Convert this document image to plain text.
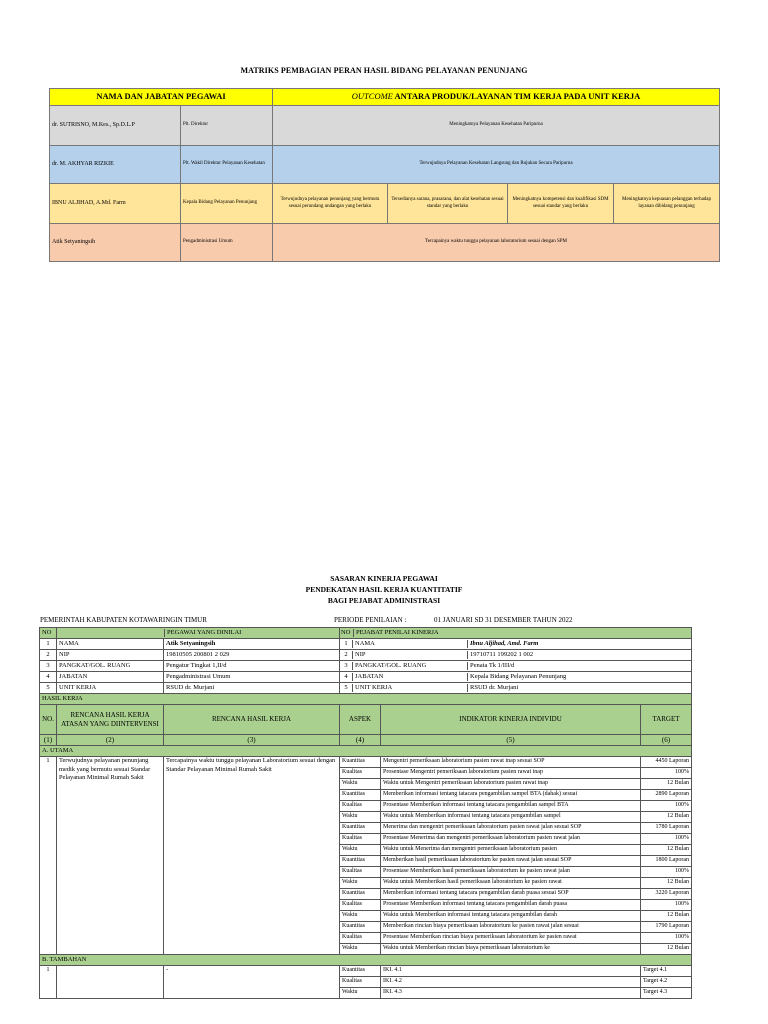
MATRIKS PEMBAGIAN PERAN HASIL BIDANG PELAYANAN PENUNJANG
NAMA DAN JABATAN PEGAWAI		OUTCOME ANTARA PRODUK/LAYANAN TIM KERJA PADA UNIT KERJA			
dr. SUTRISNO, M.Kes., Sp.D.L.P	Plt. Direktur	Meningkatnya Pelayanan Kesehatan Paripurna			
dr. M. AKHYAR RIZKIE	Plt. Wakil Direktur Pelayanan Kesehatan	Terwujudnya Pelayanan Kesehatan Langsung dan Rujukan Secara Paripurna			
IBNU ALJIHAD, A.Md. Farm	Kepala Bidang Pelayanan Penunjang	Terwujudnya pelayanan penunjang yang bermutu sesuai perundang undangan yang berlaku	Tersedianya sarana, prasarana, dan alat kesehatan sesuai standar yang berlaku	Meningkatnya kompetensi dan kualifikasi SDM sesuai standar yang berlaku	Meningkatnya kepuasan pelanggan terhadap layanan dibidang penunjang
Atik Setyaningsih	Pengadministrasi Umum	Tercapainya waktu tunggu pelayanan laboratorium sesuai dengan SPM			
SASARAN KINERJA PEGAWAI
PENDEKATAN HASIL KERJA KUANTITATIF
BAGI PEJABAT ADMINISTRASI
PEMERINTAH KABUPATEN KOTAWARINGIN TIMUR	PERIODE PENILAIAN :	01 JANUARI SD 31 DESEMBER TAHUN 2022
NO	PEGAWAI YANG DINILAI		NO PEJABAT PENILAI KINERJA		

1	NAMA	Atik Setyaningsih	1 NAMA Ibnu Aljihad, Amd. Farm		

2	NIP	19810505 200801 2 029	2 NIP 19710711 199202 1 002		

3	PANGKAT/GOL. RUANG	Pengatur Tingkat 1,II/d	3 PANGKAT/GOL. RUANG Penata Tk 1/III/d		

4	JABATAN	Pengadministrasi Umum	4 JABATAN Kepala Bidang Pelayanan Penunjang		

5	UNIT KERJA	RSUD dr. Murjani	5 UNIT KERJA RSUD dr. Murjani		

HASIL KERJA					
NO.	RENCANA HASIL KERJA ATASAN YANG DIINTERVENSI	RENCANA HASIL KERJA	ASPEK	INDIKATOR KINERJA INDIVIDU	TARGET
(1)	(2)	(3)	(4)	(5)	(6)
A. UTAMA					
1	Terwujudnya pelayanan penunjang medik yang bermutu sesuai Standar Pelayanan Minimal Rumah Sakit	Tercapainya waktu tunggu pelayanan Laboratorium sesuai dengan Standar Pelayanan Minimal Rumah Sakit	Kuantitas	Mengentri pemeriksaan laboratorium pasien rawat inap sesuai SOP	4450 Laporan
			Kualitas	Prosentase Mengentri pemeriksaan laboratorium pasien rawat inap	100%
			Waktu	Waktu untuk Mengentri pemeriksaan laboratorium pasien rawat inap	12 Bulan
			Kuantitas	Memberikan informasi tentang tatacara pengambilan sampel BTA (dahak) sesuai	2890 Laporan
			Kualitas	Prosentase Memberikan informasi tentang tatacara pengambilan sampel BTA	100%
			Waktu	Waktu untuk Memberikan informasi tentang tatacara pengambilan sampel	12 Bulan
			Kuantitas	Menerima dan mengentri pemeriksaan laboratorium pasien rawat jalan sesuai SOP	1780 Laporan
			Kualitas	Prosentase Menerima dan mengentri pemeriksaan laboratorium pasien rawat jalan	100%
			Waktu	Waktu untuk Menerima dan mengentri pemeriksaan laboratorium pasien	12 Bulan
			Kuantitas	Memberikan hasil pemeriksaan laboratorium ke pasien rawat jalan sesuai SOP	1800 Laporan
			Kualitas	Prosentase Memberikan hasil pemeriksaan laboratorium ke pasien rawat jalan	100%
			Waktu	Waktu untuk Memberikan hasil pemeriksaan laboratorium ke pasien rawat	12 Bulan
			Kuantitas	Memberikan informasi tentang tatacara pengambilan darah puasa sesuai SOP	3220 Laporan
			Kualitas	Prosentase Memberikan informasi tentang tatacara pengambilan darah puasa	100%
			Waktu	Waktu untuk Memberikan informasi tentang tatacara pengambilan darah	12 Bulan
			Kuantitas	Memberikan rincian biaya pemeriksaan laboratorium ke pasien rawat jalan sesuai	1790 Laporan
			Kualitas	Prosentase Memberikan rincian biaya pemeriksaan laboratorium ke pasien rawat	100%
			Waktu	Waktu untuk Memberikan rincian biaya pemeriksaan laboratorium ke	12 Bulan
B. TAMBAHAN					
1		-	Kuantitas	IKI. 4.1	Target 4.1
			Kualitas	IKI. 4.2	Target 4.2
			Waktu	IKI. 4.3	Target 4.3
